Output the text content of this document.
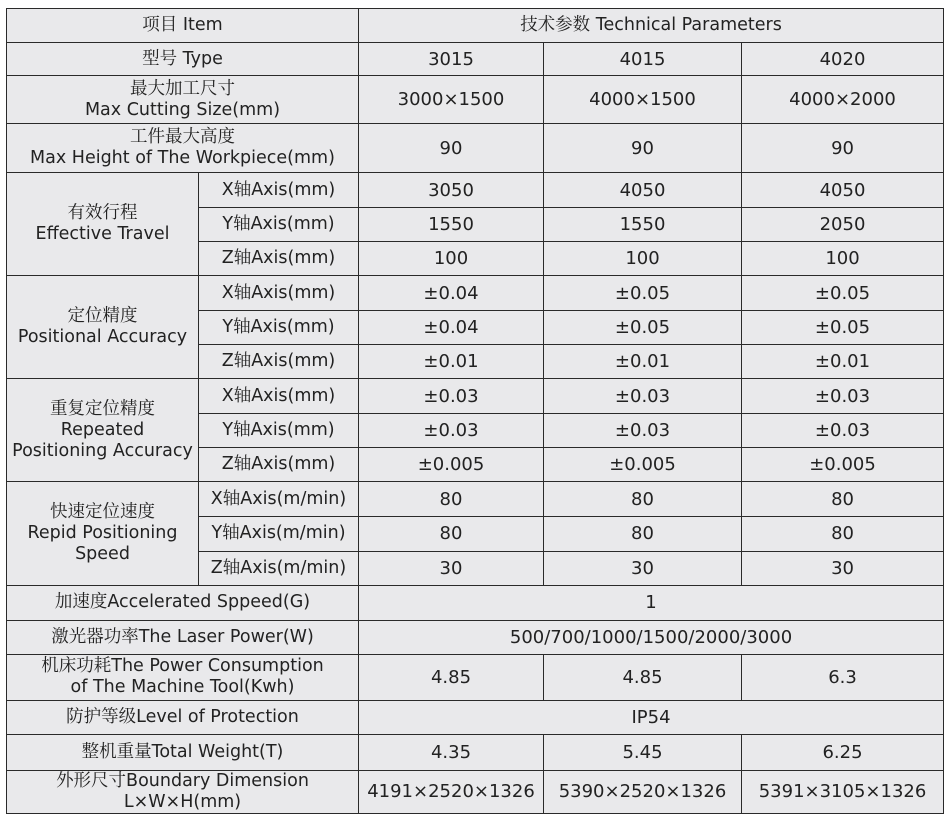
项目 Item		技术参数 Technical Parameters		
型号 Type		3015	4015	4020

最大加工尺寸
Max Cutting Size(mm)		3000×1500	4000×1500	4000×2000

工件最大高度
Max Height of The Workpiece(mm)		90	90	90

有效行程
Effective Travel	X轴Axis(mm)	3050	4050	4050
	Y轴Axis(mm)	1550	1550	2050
	Z轴Axis(mm)	100	100	100

定位精度
Positional Accuracy	X轴Axis(mm)	±0.04	±0.05	±0.05
	Y轴Axis(mm)	±0.04	±0.05	±0.05
	Z轴Axis(mm)	±0.01	±0.01	±0.01

重复定位精度
Repeated
Positioning Accuracy	X轴Axis(mm)	±0.03	±0.03	±0.03
	Y轴Axis(mm)	±0.03	±0.03	±0.03
	Z轴Axis(mm)	±0.005	±0.005	±0.005

快速定位速度
Repid Positioning
Speed	X轴Axis(m/min)	80	80	80
	Y轴Axis(m/min)	80	80	80
	Z轴Axis(m/min)	30	30	30
加速度Accelerated Sppeed(G)		1		
激光器功率The Laser Power(W)		500/700/1000/1500/2000/3000		

机床功耗The Power Consumption
of The Machine Tool(Kwh)		4.85	4.85	6.3
防护等级Level of Protection		IP54		
整机重量Total Weight(T)		4.35	5.45	6.25

外形尺寸Boundary Dimension
L×W×H(mm)		4191×2520×1326	5390×2520×1326	5391×3105×1326
